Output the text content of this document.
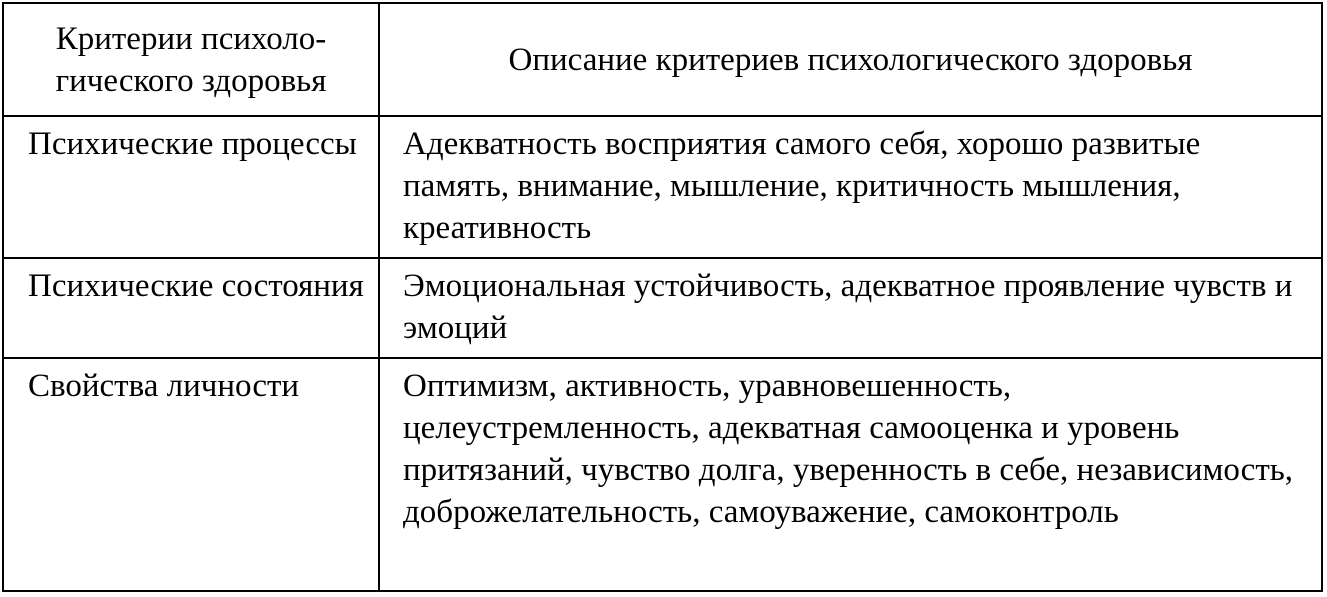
Критерии психоло-гического здоровья	Описание критериев психологического здоровья

Психические процессы	Адекватность восприятия самого себя, хорошо развитые память, внимание, мышление, критичность мышления, креативность

Психические состояния	Эмоциональная устойчивость, адекватное проявление чувств и эмоций

Свойства личности	Оптимизм, активность, уравновешенность, целеустремленность, адекватная самооценка и уровень притязаний, чувство долга, уверенность в себе, независимость, доброжелательность, самоуважение, самоконтроль
